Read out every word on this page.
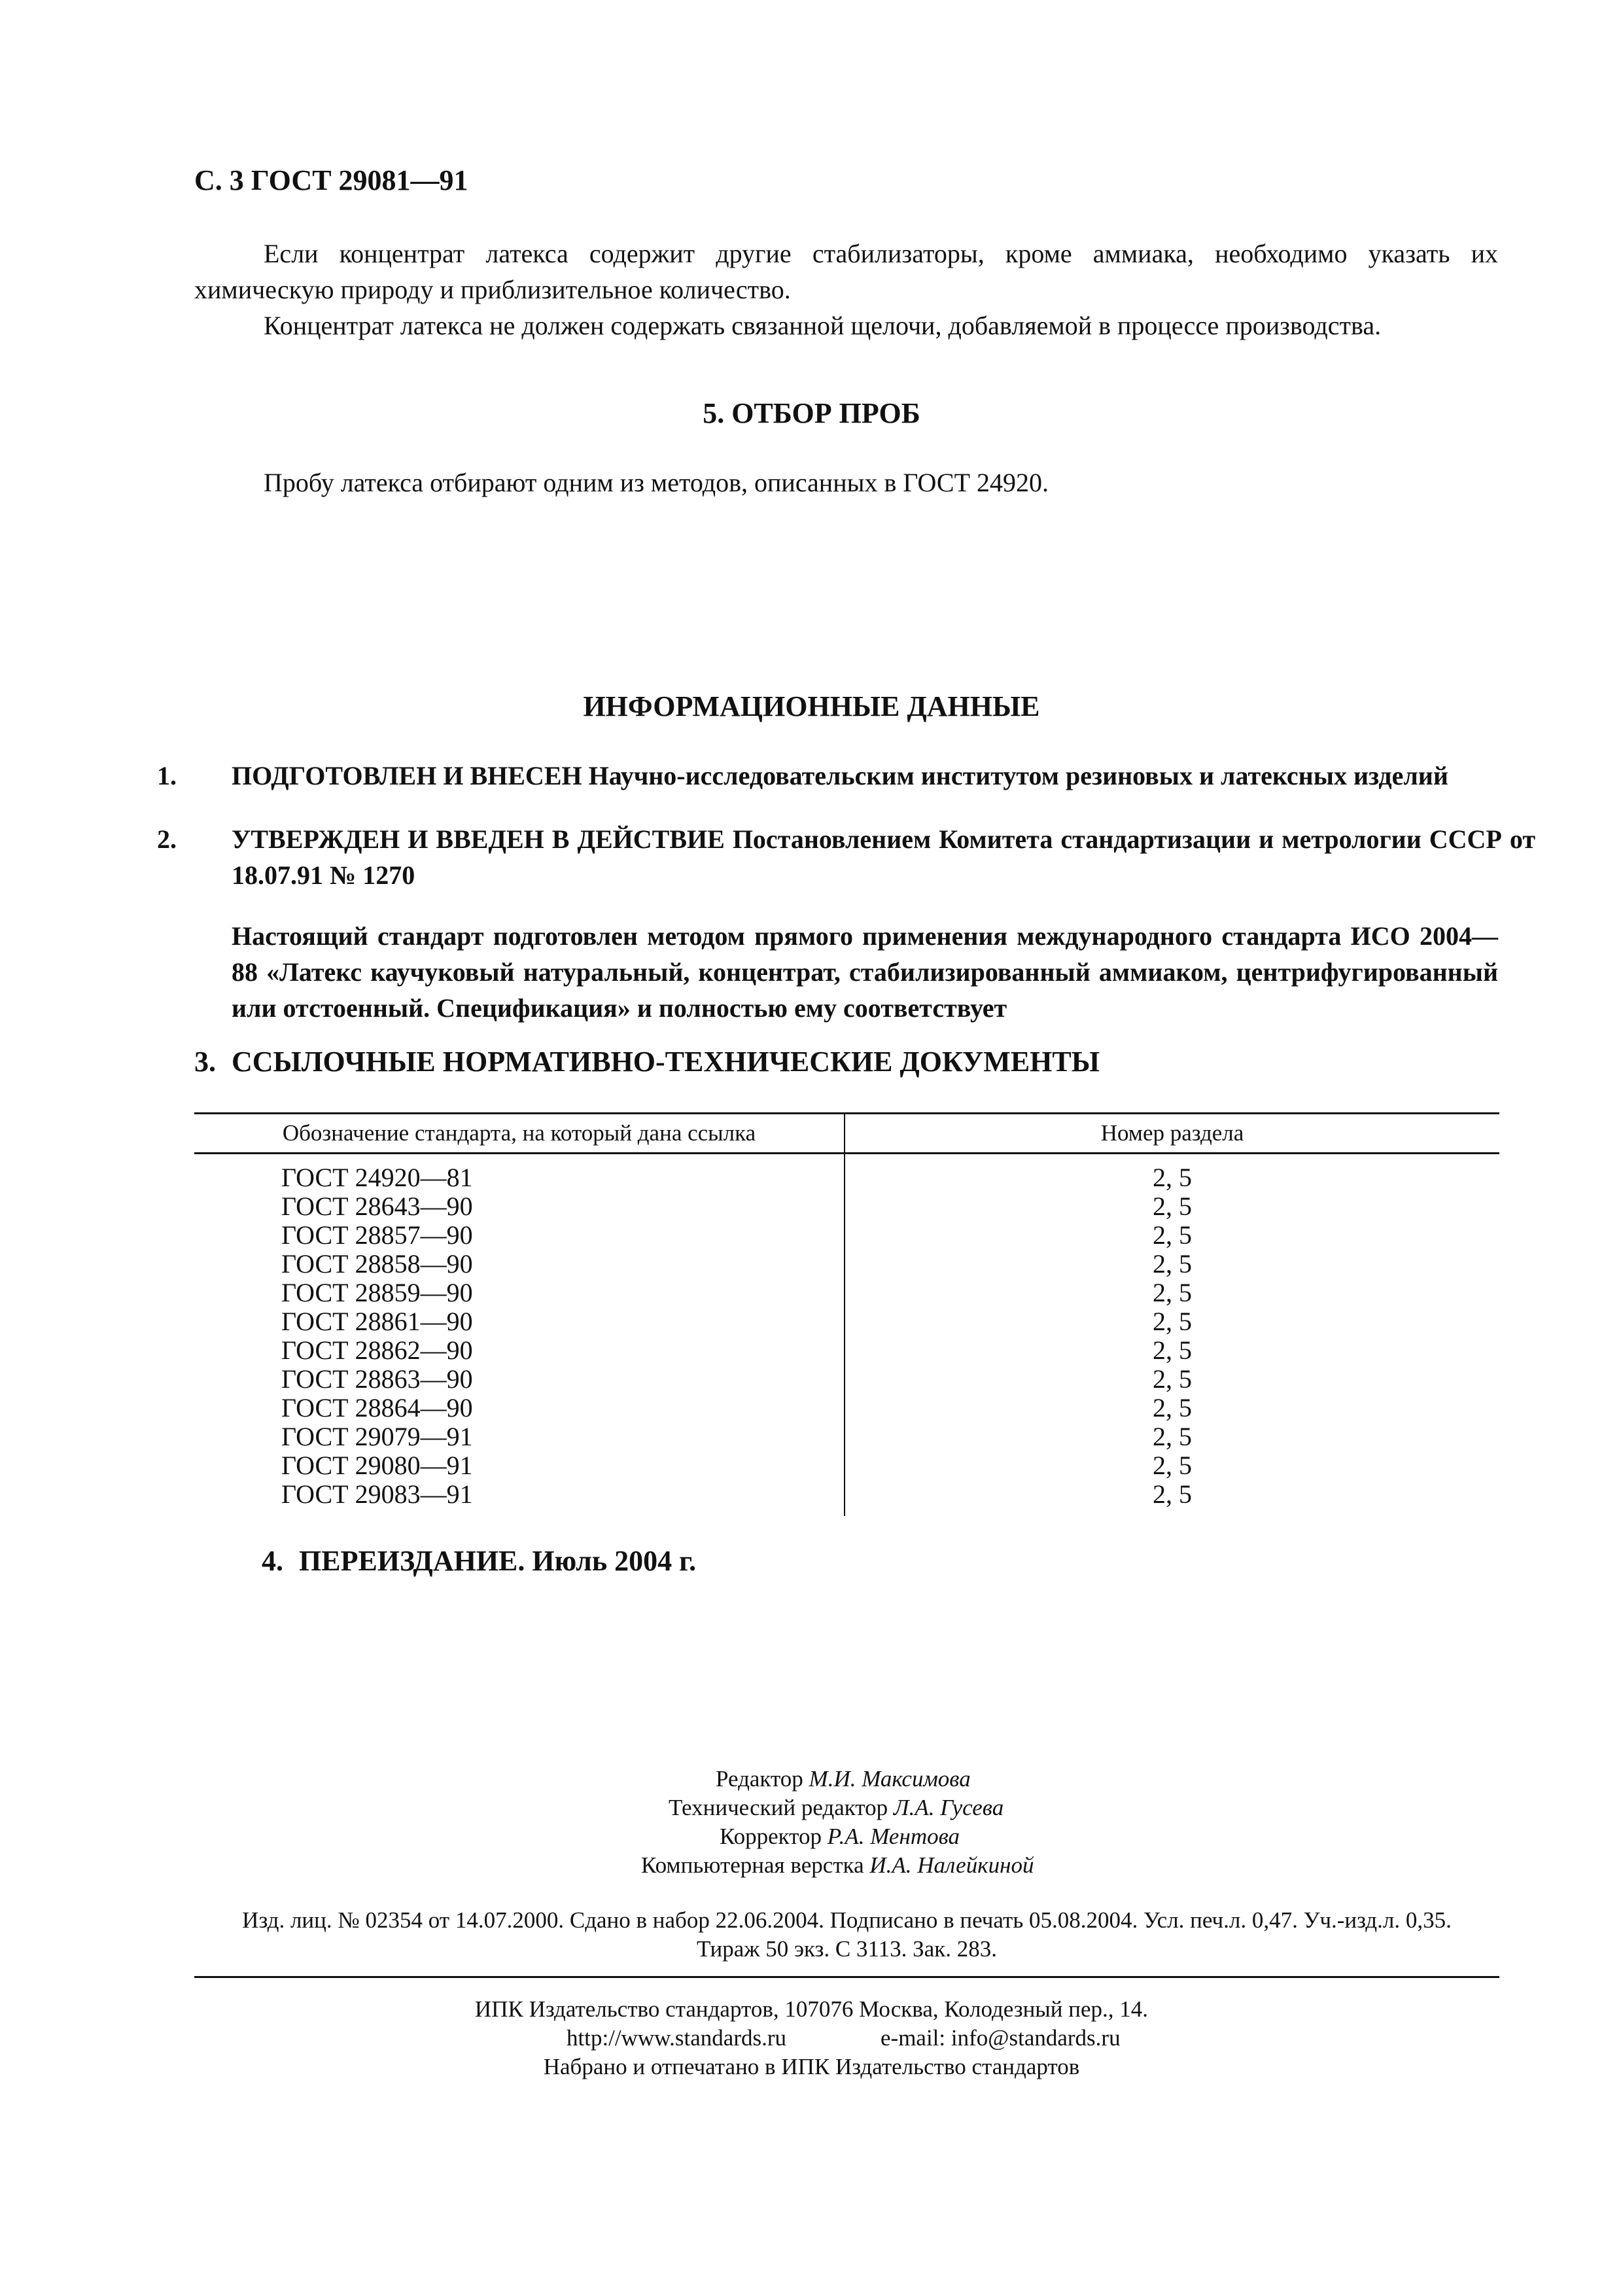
С. 3 ГОСТ 29081—91
Если концентрат латекса содержит другие стабилизаторы, кроме аммиака, необходимо указать их химическую природу и приблизительное количество.
Концентрат латекса не должен содержать связанной щелочи, добавляемой в процессе производства.
5. ОТБОР ПРОБ
Пробу латекса отбирают одним из методов, описанных в ГОСТ 24920.
ИНФОРМАЦИОННЫЕ ДАННЫЕ
1. ПОДГОТОВЛЕН И ВНЕСЕН Научно-исследовательским институтом резиновых и латексных изделий
2. УТВЕРЖДЕН И ВВЕДЕН В ДЕЙСТВИЕ Постановлением Комитета стандартизации и метрологии СССР от 18.07.91 № 1270
Настоящий стандарт подготовлен методом прямого применения международного стандарта ИСО 2004—88 «Латекс каучуковый натуральный, концентрат, стабилизированный аммиаком, центрифугированный или отстоенный. Спецификация» и полностью ему соответствует
3. ССЫЛОЧНЫЕ НОРМАТИВНО-ТЕХНИЧЕСКИЕ ДОКУМЕНТЫ
Обозначение стандарта, на который дана ссылка	Номер раздела
ГОСТ 24920—81	2, 5
ГОСТ 28643—90	2, 5
ГОСТ 28857—90	2, 5
ГОСТ 28858—90	2, 5
ГОСТ 28859—90	2, 5
ГОСТ 28861—90	2, 5
ГОСТ 28862—90	2, 5
ГОСТ 28863—90	2, 5
ГОСТ 28864—90	2, 5
ГОСТ 29079—91	2, 5
ГОСТ 29080—91	2, 5
ГОСТ 29083—91	2, 5
4. ПЕРЕИЗДАНИЕ. Июль 2004 г.
Редактор М.И. Максимова
Технический редактор Л.А. Гусева
Корректор Р.А. Ментова
Компьютерная верстка И.А. Налейкиной
Изд. лиц. № 02354 от 14.07.2000. Сдано в набор 22.06.2004. Подписано в печать 05.08.2004. Усл. печ.л. 0,47. Уч.-изд.л. 0,35.
Тираж 50 экз. С 3113. Зак. 283.
ИПК Издательство стандартов, 107076 Москва, Колодезный пер., 14.
http://www.standards.ru	e-mail: info@standards.ru
Набрано и отпечатано в ИПК Издательство стандартов
